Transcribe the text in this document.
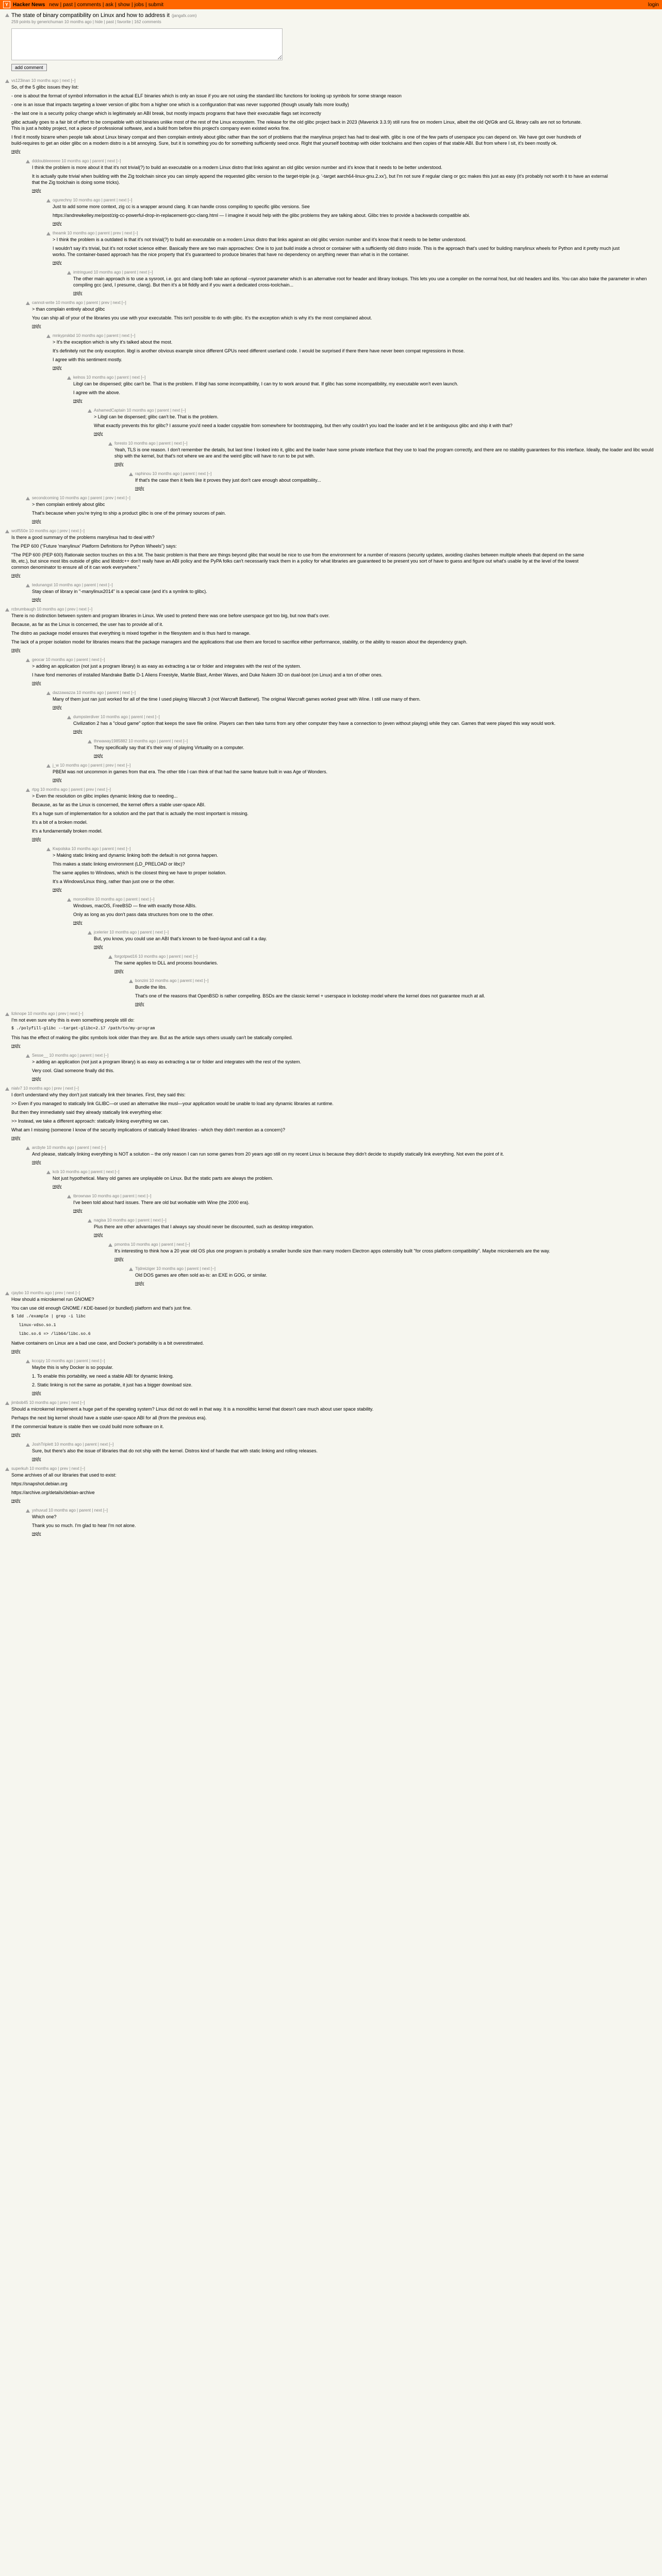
Y Hacker News new | past | comments | ask | show | jobs | submit	login
The state of binary compatibility on Linux and how to address it (jangafx.com)
259 points by generichuman 10 months ago | hide | past | favorite | 162 comments
add comment
vs123inan 10 months ago | next [–]

So, of the 5 glibc issues they list:

- one is about the format of symbol information in the actual ELF binaries which is only an issue if you are not using the standard libc functions for looking up symbols for some strange reason

- one is an issue that impacts targeting a lower version of glibc from a higher one which is a configuration that was never supported (though usually fails more loudly)

- the last one is a security policy change which is legitimately an ABI break, but mostly impacts programs that have their executable flags set incorrectly

glibc actually goes to a fair bit of effort to be compatible with old binaries unlike most of the rest of the Linux ecosystem. The release for the old glibc project back in 2023 (Maverick 3.3.9) still runs fine on modern Linux, albeit the old Qt/Gtk and GL library calls are not so fortunate. This is just a hobby project, not a piece of professional software, and a build from before this project's company even existed works fine.

I find it mostly bizarre when people talk about Linux binary compat and then complain entirely about glibc rather than the sort of problems that the manylinux project has had to deal with. glibc is one of the few parts of userspace you can depend on. We have got over hundreds of build-requires to get an older glibc on a modern distro is a bit annoying. Sure, but it is something you do for something sufficiently seed once. Right that yourself bootstrap with older toolchains and then copies of that stable ABI. But from where I sit, it's been mostly ok.

reply
dddoubleeeeee 10 months ago | parent | next [–]

I think the problem is more about it that it's not trivial(?) to build an executable on a modern Linux distro that links against an old glibc version number and it's know that it needs to be better understood.

It is actually quite trivial when building with the Zig toolchain since you can simply append the requested glibc version to the target-triple (e.g. '-target aarch64-linux-gnu.2.xx'), but I'm not sure if regular clang or gcc makes this just as easy (it's probably not worth it to have an external that the Zig toolchain is doing some tricks).

reply
ogurechny 10 months ago | parent | next [–]

Just to add some more context, zig cc is a wrapper around clang. It can handle cross compiling to specific glibc versions. See

https://andrewkelley.me/post/zig-cc-powerful-drop-in-replacement-gcc-clang.html — I imagine it would help with the glibc problems they are talking about. Glibc tries to provide a backwards compatible abi.

reply
theamk 10 months ago | parent | prev | next [–]

> I think the problem is a outdated is that it's not trivial(?) to build an executable on a modern Linux distro that links against an old glibc version number and it's know that it needs to be better understood.

I wouldn't say it's trivial, but it's not rocket science either. Basically there are two main approaches: One is to just build inside a chroot or container with a sufficiently old distro inside. This is the approach that's used for building manylinux wheels for Python and it pretty much just works. The container-based approach has the nice property that it's guaranteed to produce binaries that have no dependency on anything newer than what is in the container.

reply
imtringued 10 months ago | parent | next [–]

The other main approach is to use a sysroot, i.e. gcc and clang both take an optional --sysroot parameter which is an alternative root for header and library lookups. This lets you use a compiler on the normal host, but old headers and libs. You can also bake the parameter in when compiling gcc (and, I presume, clang). But then it's a bit fiddly and if you want a dedicated cross-toolchain...

reply
cannot-write 10 months ago | parent | prev | next [–]

> than complain entirely about glibc

You can ship all of your of the libraries you use with your executable. This isn't possible to do with glibc. It's the exception which is why it's the most complained about.

reply
mnkyprskbd 10 months ago | parent | next [–]

> It's the exception which is why it's talked about the most.

It's definitely not the only exception. libgl is another obvious example since different GPUs need different userland code. I would be surprised if there there have never been compat regressions in those.

I agree with this sentiment mostly.

reply
kelnos 10 months ago | parent | next [–]

Libgl can be dispensed; glibc can't be. That is the problem. If libgl has some incompatibility, I can try to work around that. If glibc has some incompatibility, my executable won't even launch.

I agree with the above.

reply
AshamedCaptain 10 months ago | parent | next [–]

> Libgl can be dispensed; glibc can't be. That is the problem.

What exactly prevents this for glibc? I assume you'd need a loader copyable from somewhere for bootstrapping, but then why couldn't you load the loader and let it be ambiguous glibc and ship it with that?

reply
foresto 10 months ago | parent | next [–]

Yeah, TLS is one reason. I don't remember the details, but last time I looked into it, glibc and the loader have some private interface that they use to load the program correctly, and there are no stability guarantees for this interface. Ideally, the loader and libc would ship with the kernel, but that's not where we are and the weird glibc will have to run to be put with.

reply
raphinou 10 months ago | parent | next [–]

If that's the case then it feels like it proves they just don't care enough about compatibility...

reply
secondcoming 10 months ago | parent | prev | next [–]

> then complain entirely about glibc

That's because when you're trying to ship a product glibc is one of the primary sources of pain.

reply
wolf550e 10 months ago | prev | next [–]

Is there a good summary of the problems manylinux had to deal with?

The PEP 600 ("Future 'manylinux' Platform Definitions for Python Wheels") says:

"The PEP 600 (PEP 600) Rationale section touches on this a bit. The basic problem is that there are things beyond glibc that would be nice to use from the environment for a number of reasons (security updates, avoiding clashes between multiple wheels that depend on the same lib, etc.), but since most libs outside of glibc and libstdc++ don't really have an ABI policy and the PyPA folks can't necessarily track them in a policy for what libraries are guaranteed to be present you sort of have to guess and figure out what's usable by at the level of the lowest common denominator to ensure all of it can work everywhere."

reply
tedunangst 10 months ago | parent | next [–]

Stay clean of library in "-manylinux2014" is a special case (and it's a symlink to glibc).

reply
rcbrumbaugh 10 months ago | prev | next [–]

There is no distinction between system and program libraries in Linux. We used to pretend there was one before userspace got too big, but now that's over.

Because, as far as the Linux is concerned, the user has to provide all of it.

The distro as package model ensures that everything is mixed together in the filesystem and is thus hard to manage.

The lack of a proper isolation model for libraries means that the package managers and the applications that use them are forced to sacrifice either performance, stability, or the ability to reason about the dependency graph.

reply
geocar 10 months ago | parent | next [–]

> adding an application (not just a program library) is as easy as extracting a tar or folder and integrates with the rest of the system.

I have fond memories of installed Mandrake Battle D-1 Aliens Freestyle, Marble Blast, Amber Waves, and Duke Nukem 3D on dual-boot (on Linux) and a ton of other ones.

reply
dazzawazza 10 months ago | parent | next [–]

Many of them just ran just worked for all of the time I used playing Warcraft 3 (not Warcraft Battlenet). The original Warcraft games worked great with Wine. I still use many of them.

reply
dumpsterdiver 10 months ago | parent | next [–]

Civilization 2 has a "cloud game" option that keeps the save file online. Players can then take turns from any other computer they have a connection to (even without playing) while they can. Games that were played this way would work.

reply
thrwaway1985882 10 months ago | parent | next [–]

They specifically say that it's their way of playing Virtuality on a computer.

reply
j_w 10 months ago | parent | prev | next [–]

PBEM was not uncommon in games from that era. The other title I can think of that had the same feature built in was Age of Wonders.

reply
rtpg 10 months ago | parent | prev | next [–]

> Even the resolution on glibc implies dynamic linking due to needing...

Because, as far as the Linux is concerned, the kernel offers a stable user-space ABI.

It's a huge sum of implementation for a solution and the part that is actually the most important is missing.

It's a bit of a broken model.

It's a fundamentally broken model.

reply
Kwpolska 10 months ago | parent | next [–]

> Making static linking and dynamic linking both the default is not gonna happen.

This makes a static linking environment (LD_PRELOAD or libc)?

The same applies to Windows, which is the closest thing we have to proper isolation.

It's a Windows/Linux thing, rather than just one or the other.

reply
moron4hire 10 months ago | parent | next [–]

Windows, macOS, FreeBSD — fine with exactly those ABIs.

Only as long as you don't pass data structures from one to the other.

reply
jcelerier 10 months ago | parent | next [–]

But, you know, you could use an ABI that's known to be fixed-layout and call it a day.

reply
forgotpwd16 10 months ago | parent | next [–]

The same applies to DLL and process boundaries.

reply
bonzini 10 months ago | parent | next [–]

Bundle the libs.

That's one of the reasons that OpenBSD is rather compelling. BSDs are the classic kernel + userspace in lockstep model where the kernel does not guarantee much at all.

reply
lizknope 10 months ago | prev | next [–]

I'm not even sure why this is even something people still do:

$ ./polyfill-glibc --target-glibc=2.17 /path/to/my-program

This has the effect of making the glibc symbols look older than they are. But as the article says others usually can't be statically compiled.

reply
Sesse__ 10 months ago | parent | next [–]

> adding an application (not just a program library) is as easy as extracting a tar or folder and integrates with the rest of the system.

Very cool. Glad someone finally did this.

reply
nialv7 10 months ago | prev | next [–]

I don't understand why they don't just statically link their binaries. First, they said this:

>> Even if you managed to statically link GLIBC—or used an alternative like musl—your application would be unable to load any dynamic libraries at runtime.

But then they immediately said they already statically link everything else:

>> Instead, we take a different approach: statically linking everything we can.

What am I missing (someone I know of the security implications of statically linked libraries - which they didn't mention as a concern)?

reply
arcbyte 10 months ago | parent | next [–]

And please, statically linking everything is NOT a solution – the only reason I can run some games from 20 years ago still on my recent Linux is because they didn't decide to stupidly statically link everything. Not even the point of it.

reply
kcb 10 months ago | parent | next [–]

Not just hypothetical. Many old games are unplayable on Linux. But the static parts are always the problem.

reply
tbrownaw 10 months ago | parent | next [–]

I've been told about hard issues. There are old but workable with Wine (the 2000 era).

reply
nagisa 10 months ago | parent | next [–]

Plus there are other advantages that I always say should never be discounted, such as desktop integration.

reply
pmontra 10 months ago | parent | next [–]

It's interesting to think how a 20 year old OS plus one program is probably a smaller bundle size than many modern Electron apps ostensibly built "for cross platform compatibility". Maybe microkernels are the way.

reply
Tijdreiziger 10 months ago | parent | next [–]

Old DOS games are often sold as-is: an EXE in GOG, or similar.

reply
cjaybo 10 months ago | prev | next [–]

How should a microkernel run GNOME?

You can use old enough GNOME / KDE-based (or bundled) platform and that's just fine.

$ ldd ./example | grep -i libc
linux-vdso.so.1
libc.so.6 => /lib64/libc.so.6

Native containers on Linux are a bad use case, and Docker's portability is a bit overestimated.

reply
kccqzy 10 months ago | parent | next [–]

Maybe this is why Docker is so popular.

1. To enable this portability, we need a stable ABI for dynamic linking.

2. Static linking is not the same as portable, it just has a bigger download size.

reply
jimbob45 10 months ago | prev | next [–]

Should a microkernel implement a huge part of the operating system? Linux did not do well in that way. It is a monolithic kernel that doesn't care much about user space stability.

Perhaps the next big kernel should have a stable user-space ABI for all (from the previous era).

If the commercial feature is stable then we could build more software on it.

reply
JoshTriplett 10 months ago | parent | next [–]

Sure, but there's also the issue of libraries that do not ship with the kernel. Distros kind of handle that with static linking and rolling releases.

reply
superkuh 10 months ago | prev | next [–]

Some archives of all our libraries that used to exist:

https://snapshot.debian.org

https://archive.org/details/debian-archive

reply
yxhuvud 10 months ago | parent | next [–]

Which one?

Thank you so much. I'm glad to hear I'm not alone.

reply
